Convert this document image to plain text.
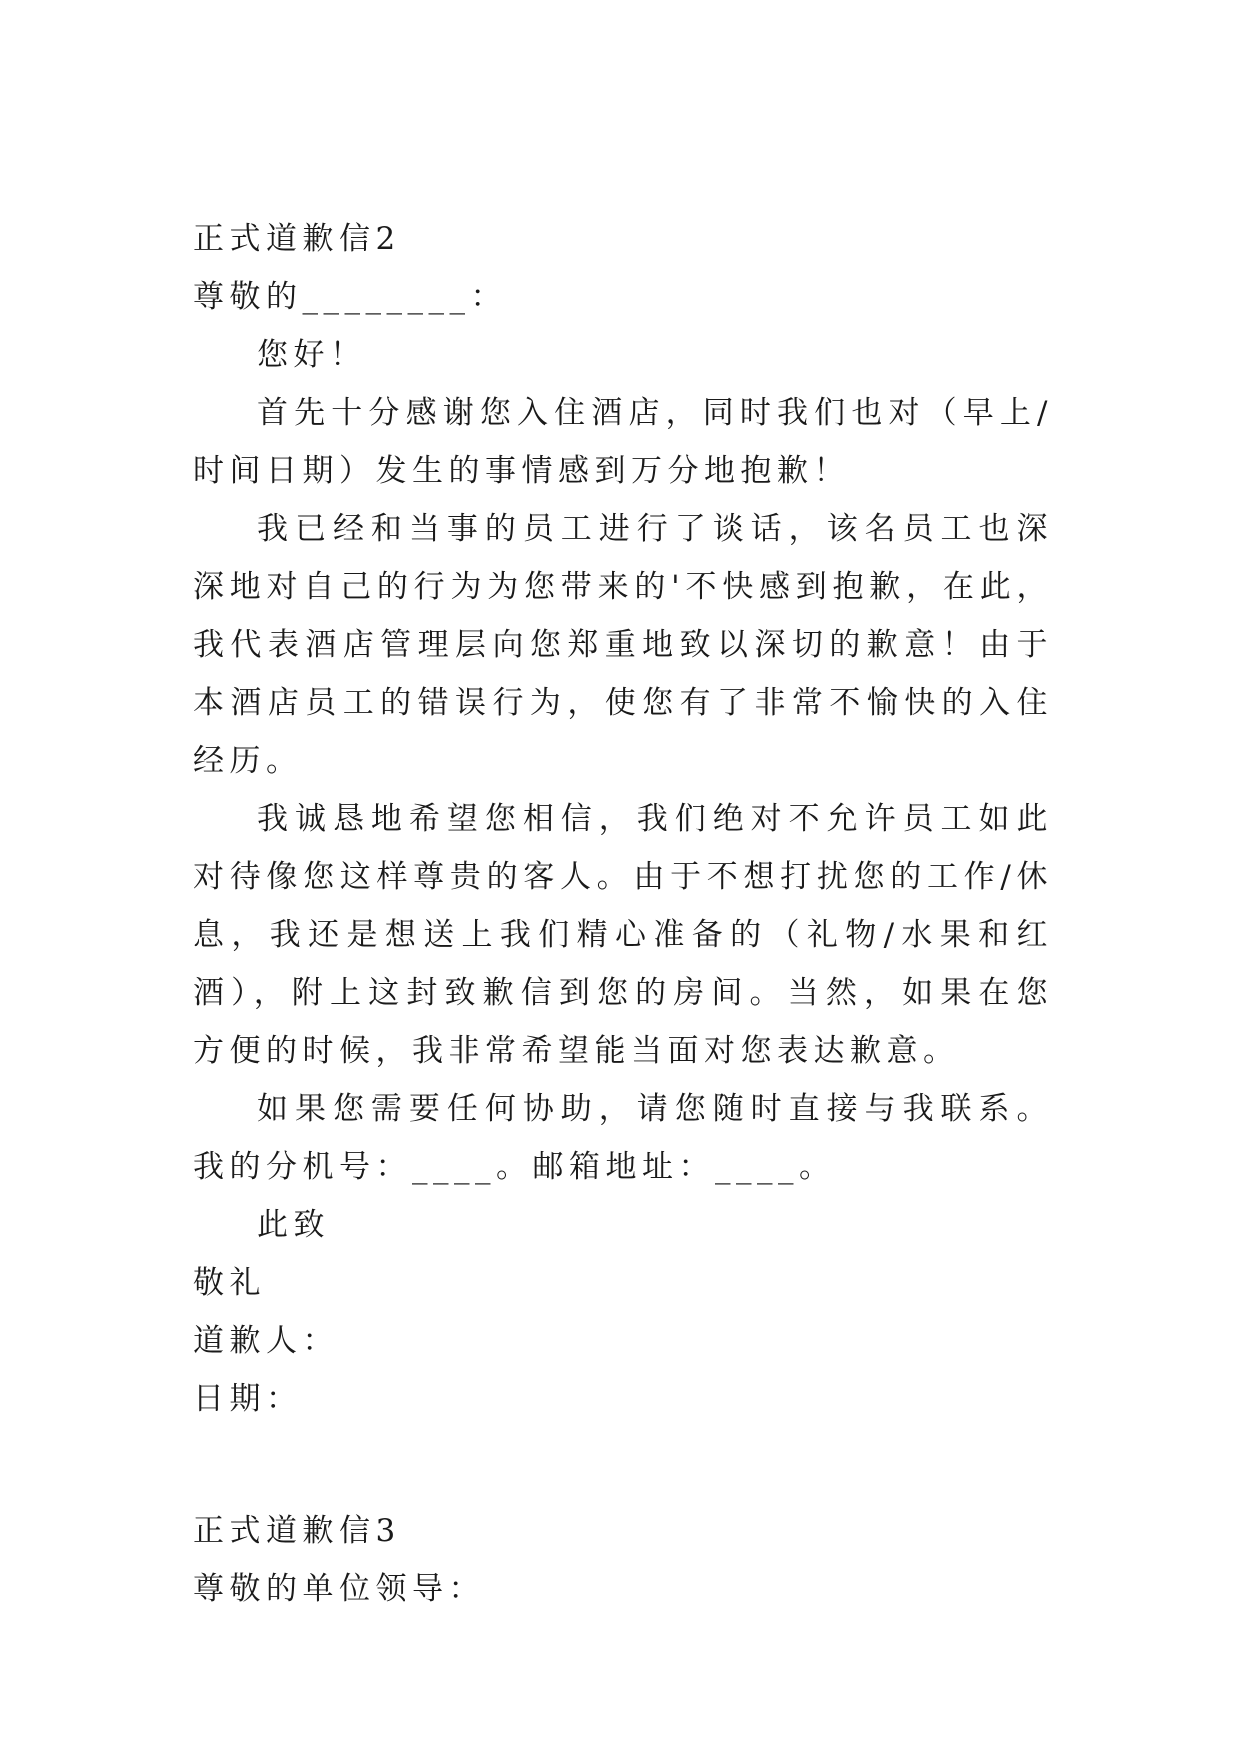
正式道歉信2
尊敬的________：
您好！

首先十分感谢您入住酒店，同时我们也对（早上/时间日期）发生的事情感到万分地抱歉！

我已经和当事的员工进行了谈话，该名员工也深深地对自己的行为为您带来的'不快感到抱歉，在此，我代表酒店管理层向您郑重地致以深切的歉意！由于本酒店员工的错误行为，使您有了非常不愉快的入住经历。

我诚恳地希望您相信，我们绝对不允许员工如此对待像您这样尊贵的客人。由于不想打扰您的工作/休息，我还是想送上我们精心准备的（礼物/水果和红酒），附上这封致歉信到您的房间。当然，如果在您方便的时候，我非常希望能当面对您表达歉意。

如果您需要任何协助，请您随时直接与我联系。我的分机号：____。邮箱地址：____。

此致
敬礼
道歉人：
日期：
正式道歉信3
尊敬的单位领导：
